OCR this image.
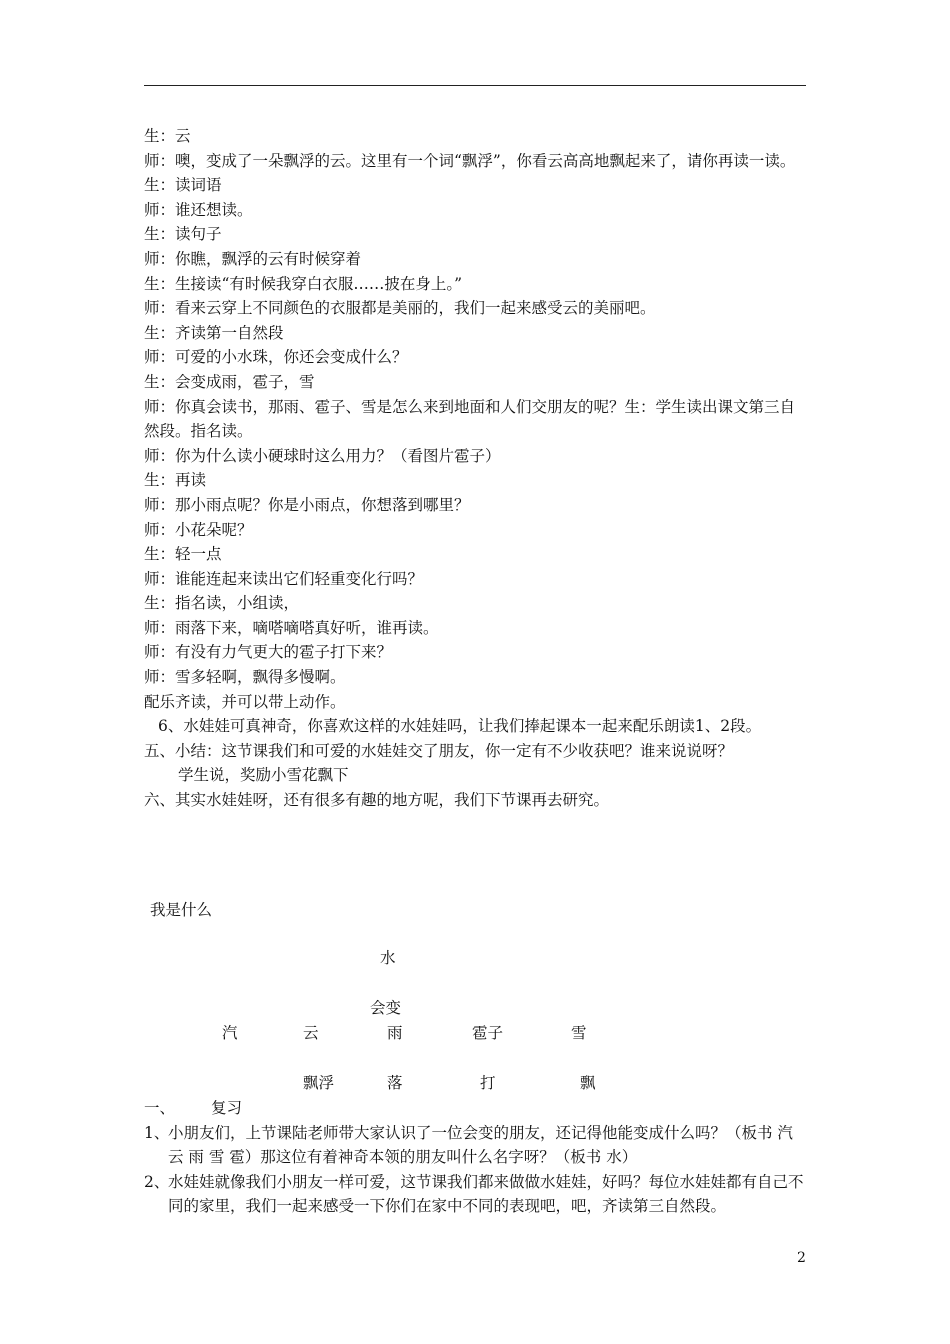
生：云
师：噢，变成了一朵飘浮的云。这里有一个词“飘浮”，你看云高高地飘起来了，请你再读一读。
生：读词语
师：谁还想读。
生：读句子
师：你瞧，飘浮的云有时候穿着
生：生接读“有时候我穿白衣服……披在身上。”
师：看来云穿上不同颜色的衣服都是美丽的，我们一起来感受云的美丽吧。
生：齐读第一自然段
师：可爱的小水珠，你还会变成什么？
生：会变成雨，雹子，雪
师：你真会读书，那雨、雹子、雪是怎么来到地面和人们交朋友的呢？生：学生读出课文第三自然段。指名读。
师：你为什么读小硬球时这么用力？（看图片雹子）
生：再读
师：那小雨点呢？你是小雨点，你想落到哪里？
师：小花朵呢？
生：轻一点
师：谁能连起来读出它们轻重变化行吗？
生：指名读，小组读，
师：雨落下来，嘀嗒嘀嗒真好听，谁再读。
师：有没有力气更大的雹子打下来？
师：雪多轻啊，飘得多慢啊。
配乐齐读，并可以带上动作。
6、水娃娃可真神奇，你喜欢这样的水娃娃吗，让我们捧起课本一起来配乐朗读1、2段。
五、小结：这节课我们和可爱的水娃娃交了朋友，你一定有不少收获吧？谁来说说呀？
学生说，奖励小雪花飘下
六、其实水娃娃呀，还有很多有趣的地方呢，我们下节课再去研究。
我是什么
水
会变
汽	云	雨	雹子	雪
飘浮	落	打	飘
一、 复习
1、
小朋友们，上节课陆老师带大家认识了一位会变的朋友，还记得他能变成什么吗？（板书 汽 云 雨 雪 雹）那这位有着神奇本领的朋友叫什么名字呀？（板书 水）
2、
水娃娃就像我们小朋友一样可爱，这节课我们都来做做水娃娃，好吗？每位水娃娃都有自己不同的家里，我们一起来感受一下你们在家中不同的表现吧，吧，齐读第三自然段。
2
